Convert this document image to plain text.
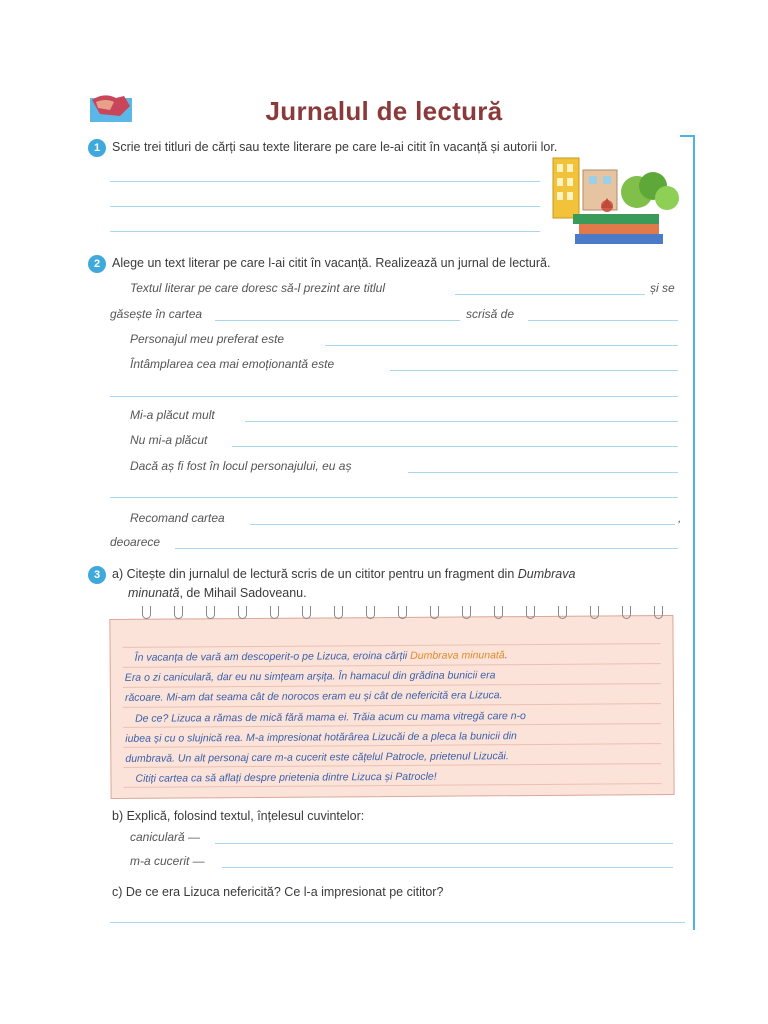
Jurnalul de lectură
1 Scrie trei titluri de cărți sau texte literare pe care le-ai citit în vacanță și autorii lor.
2 Alege un text literar pe care l-ai citit în vacanță. Realizează un jurnal de lectură.
Textul literar pe care doresc să-l prezint are titlul	și se
găsește în cartea	scrisă de
Personajul meu preferat este
Întâmplarea cea mai emoționantă este
Mi-a plăcut mult
Nu mi-a plăcut
Dacă aș fi fost în locul personajului, eu aș
Recomand cartea	,
deoarece
3 a) Citește din jurnalul de lectură scris de un cititor pentru un fragment din Dumbrava
minunată, de Mihail Sadoveanu.
În vacanța de vară am descoperit-o pe Lizuca, eroina cărții Dumbrava minunată.
Era o zi caniculară, dar eu nu simțeam arșița. În hamacul din grădina bunicii era
răcoare. Mi-am dat seama cât de norocos eram eu și cât de nefericită era Lizuca.
De ce? Lizuca a rămas de mică fără mama ei. Trăia acum cu mama vitregă care n-o
iubea și cu o slujnică rea. M-a impresionat hotărârea Lizucăi de a pleca la bunicii din
dumbravă. Un alt personaj care m-a cucerit este cățelul Patrocle, prietenul Lizucăi.
Citiți cartea ca să aflați despre prietenia dintre Lizuca și Patrocle!
b) Explică, folosind textul, înțelesul cuvintelor:
caniculară —
m-a cucerit —
c) De ce era Lizuca nefericită? Ce l-a impresionat pe cititor?
